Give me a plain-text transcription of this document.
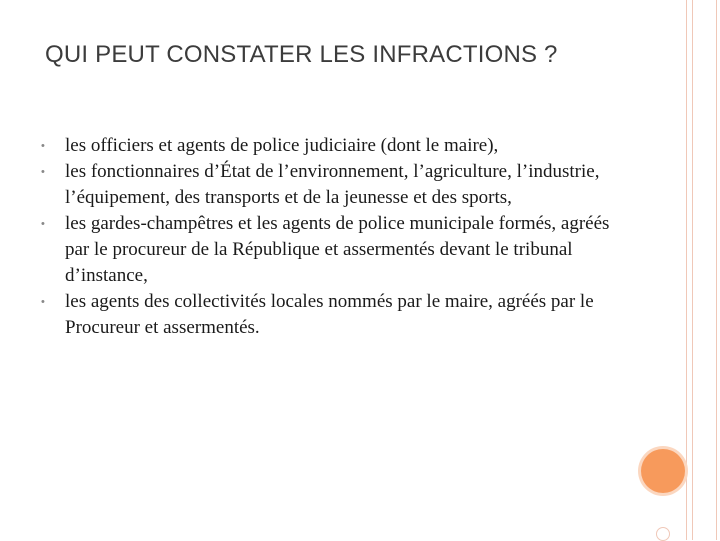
QUI PEUT CONSTATER LES INFRACTIONS ?
• les officiers et agents de police judiciaire (dont le maire),
• les fonctionnaires d’État de l’environnement, l’agriculture, l’industrie, l’équipement, des transports et de la jeunesse et des sports,
• les gardes-champêtres et les agents de police municipale formés, agréés par le procureur de la République et assermentés devant le tribunal d’instance,
• les agents des collectivités locales nommés par le maire, agréés par le Procureur et assermentés.
